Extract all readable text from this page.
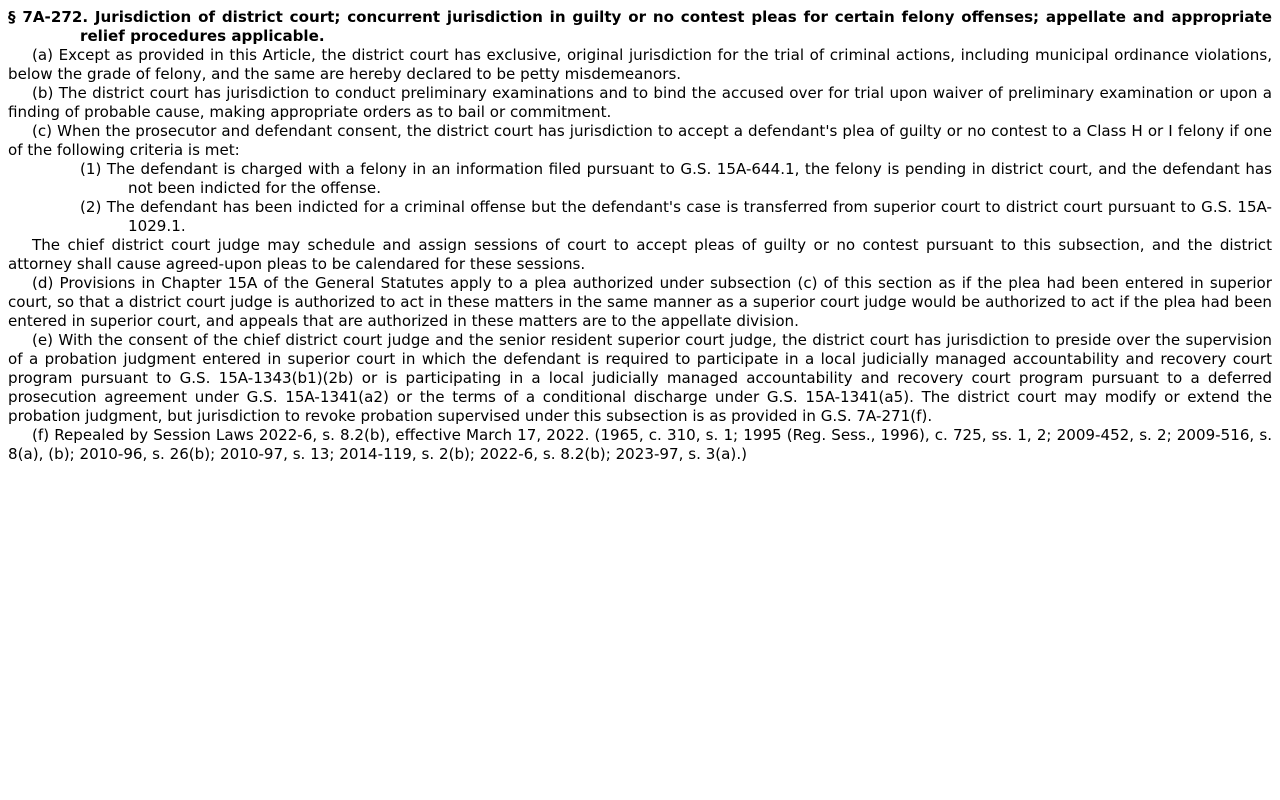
§ 7A-272. Jurisdiction of district court; concurrent jurisdiction in guilty or no contest pleas for certain felony offenses; appellate and appropriate relief procedures applicable.

(a) Except as provided in this Article, the district court has exclusive, original jurisdiction for the trial of criminal actions, including municipal ordinance violations, below the grade of felony, and the same are hereby declared to be petty misdemeanors.

(b) The district court has jurisdiction to conduct preliminary examinations and to bind the accused over for trial upon waiver of preliminary examination or upon a finding of probable cause, making appropriate orders as to bail or commitment.

(c) When the prosecutor and defendant consent, the district court has jurisdiction to accept a defendant's plea of guilty or no contest to a Class H or I felony if one of the following criteria is met:

(1) The defendant is charged with a felony in an information filed pursuant to G.S. 15A-644.1, the felony is pending in district court, and the defendant has not been indicted for the offense.

(2) The defendant has been indicted for a criminal offense but the defendant's case is transferred from superior court to district court pursuant to G.S. 15A-1029.1.

The chief district court judge may schedule and assign sessions of court to accept pleas of guilty or no contest pursuant to this subsection, and the district attorney shall cause agreed-upon pleas to be calendared for these sessions.

(d) Provisions in Chapter 15A of the General Statutes apply to a plea authorized under subsection (c) of this section as if the plea had been entered in superior court, so that a district court judge is authorized to act in these matters in the same manner as a superior court judge would be authorized to act if the plea had been entered in superior court, and appeals that are authorized in these matters are to the appellate division.

(e) With the consent of the chief district court judge and the senior resident superior court judge, the district court has jurisdiction to preside over the supervision of a probation judgment entered in superior court in which the defendant is required to participate in a local judicially managed accountability and recovery court program pursuant to G.S. 15A-1343(b1)(2b) or is participating in a local judicially managed accountability and recovery court program pursuant to a deferred prosecution agreement under G.S. 15A-1341(a2) or the terms of a conditional discharge under G.S. 15A-1341(a5). The district court may modify or extend the probation judgment, but jurisdiction to revoke probation supervised under this subsection is as provided in G.S. 7A-271(f).

(f) Repealed by Session Laws 2022-6, s. 8.2(b), effective March 17, 2022. (1965, c. 310, s. 1; 1995 (Reg. Sess., 1996), c. 725, ss. 1, 2; 2009-452, s. 2; 2009-516, s. 8(a), (b); 2010-96, s. 26(b); 2010-97, s. 13; 2014-119, s. 2(b); 2022-6, s. 8.2(b); 2023-97, s. 3(a).)
